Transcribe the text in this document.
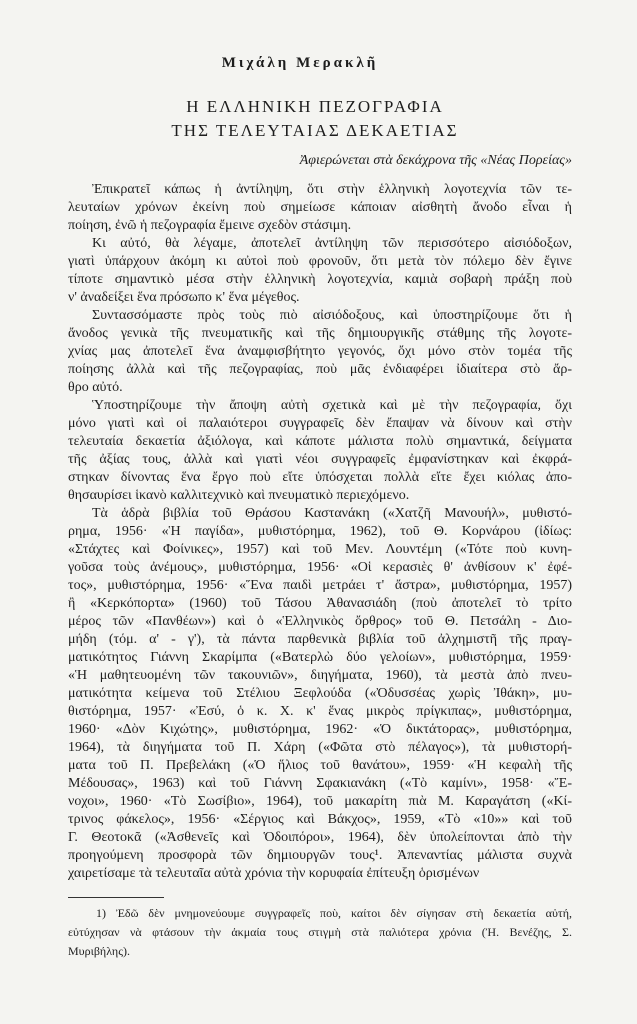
Μιχάλη Μερακλῆ
Η ΕΛΛΗΝΙΚΗ ΠΕΖΟΓΡΑΦΙΑ
ΤΗΣ ΤΕΛΕΥΤΑΙΑΣ ΔΕΚΑΕΤΙΑΣ
Ἀφιερώνεται στὰ δεκάχρονα τῆς «Νέας Πορείας»
Ἐπικρατεῖ κάπως ἡ ἀντίληψη, ὅτι στὴν ἑλληνικὴ λογοτεχνία τῶν τε-
λευταίων χρόνων ἐκείνη ποὺ σημείωσε κάποιαν αἰσθητὴ ἄνοδο εἶναι ἡ
ποίηση, ἐνῶ ἡ πεζογραφία ἔμεινε σχεδὸν στάσιμη.
Κι αὐτό, θὰ λέγαμε, ἀποτελεῖ ἀντίληψη τῶν περισσότερο αἰσιόδοξων,
γιατὶ ὑπάρχουν ἀκόμη κι αὐτοὶ ποὺ φρονοῦν, ὅτι μετὰ τὸν πόλεμο δὲν ἔγινε
τίποτε σημαντικὸ μέσα στὴν ἑλληνικὴ λογοτεχνία, καμιὰ σοβαρὴ πράξη ποὺ
ν' ἀναδείξει ἕνα πρόσωπο κ' ἕνα μέγεθος.
Συντασσόμαστε πρὸς τοὺς πιὸ αἰσιόδοξους, καὶ ὑποστηρίζουμε ὅτι ἡ
ἄνοδος γενικὰ τῆς πνευματικῆς καὶ τῆς δημιουργικῆς στάθμης τῆς λογοτε-
χνίας μας ἀποτελεῖ ἕνα ἀναμφισβήτητο γεγονός, ὄχι μόνο στὸν τομέα τῆς
ποίησης ἀλλὰ καὶ τῆς πεζογραφίας, ποὺ μᾶς ἐνδιαφέρει ἰδιαίτερα στὸ ἄρ-
θρο αὐτό.
Ὑποστηρίζουμε τὴν ἄποψη αὐτὴ σχετικὰ καὶ μὲ τὴν πεζογραφία, ὄχι
μόνο γιατὶ καὶ οἱ παλαιότεροι συγγραφεῖς δὲν ἔπαψαν νὰ δίνουν καὶ στὴν
τελευταία δεκαετία ἀξιόλογα, καὶ κάποτε μάλιστα πολὺ σημαντικά, δείγματα
τῆς ἀξίας τους, ἀλλὰ καὶ γιατὶ νέοι συγγραφεῖς ἐμφανίστηκαν καὶ ἐκφρά-
στηκαν δίνοντας ἕνα ἔργο ποὺ εἴτε ὑπόσχεται πολλὰ εἴτε ἔχει κιόλας ἀπο-
θησαυρίσει ἱκανὸ καλλιτεχνικὸ καὶ πνευματικὸ περιεχόμενο.
Τὰ ἁδρὰ βιβλία τοῦ Θράσου Καστανάκη («Χατζῆ Μανουήλ», μυθιστό-
ρημα, 1956· «Ἡ παγίδα», μυθιστόρημα, 1962), τοῦ Θ. Κορνάρου (ἰδίως:
«Στάχτες καὶ Φοίνικες», 1957) καὶ τοῦ Μεν. Λουντέμη («Τότε ποὺ κυνη-
γοῦσα τοὺς ἀνέμους», μυθιστόρημα, 1956· «Οἱ κερασιὲς θ' ἀνθίσουν κ' ἐφέ-
τος», μυθιστόρημα, 1956· «Ἕνα παιδὶ μετράει τ' ἄστρα», μυθιστόρημα, 1957)
ἢ «Κερκόπορτα» (1960) τοῦ Τάσου Ἀθανασιάδη (ποὺ ἀποτελεῖ τὸ τρίτο
μέρος τῶν «Πανθέων») καὶ ὁ «Ἑλληνικὸς ὄρθρος» τοῦ Θ. Πετσάλη - Διο-
μήδη (τόμ. α' - γ'), τὰ πάντα παρθενικὰ βιβλία τοῦ ἀλχημιστῆ τῆς πραγ-
ματικότητος Γιάννη Σκαρίμπα («Βατερλὼ δύο γελοίων», μυθιστόρημα, 1959·
«Ἡ μαθητευομένη τῶν τακουνιῶν», διηγήματα, 1960), τὰ μεστὰ ἀπὸ πνευ-
ματικότητα κείμενα τοῦ Στέλιου Ξεφλούδα («Ὀδυσσέας χωρὶς Ἰθάκη», μυ-
θιστόρημα, 1957· «Ἐσύ, ὁ κ. Χ. κ' ἕνας μικρὸς πρίγκιπας», μυθιστόρημα,
1960· «Δὸν Κιχώτης», μυθιστόρημα, 1962· «Ὁ δικτάτορας», μυθιστόρημα,
1964), τὰ διηγήματα τοῦ Π. Χάρη («Φῶτα στὸ πέλαγος»), τὰ μυθιστορή-
ματα τοῦ Π. Πρεβελάκη («Ὁ ἥλιος τοῦ θανάτου», 1959· «Ἡ κεφαλὴ τῆς
Μέδουσας», 1963) καὶ τοῦ Γιάννη Σφακιανάκη («Τὸ καμίνι», 1958· «Ἔ-
νοχοι», 1960· «Τὸ Σωσίβιο», 1964), τοῦ μακαρίτη πιὰ Μ. Καραγάτση («Κί-
τρινος φάκελος», 1956· «Σέργιος καὶ Βάκχος», 1959, «Τὸ «10»» καὶ τοῦ
Γ. Θεοτοκᾶ («Ἀσθενεῖς καὶ Ὁδοιπόροι», 1964), δὲν ὑπολείπονται ἀπὸ τὴν
προηγούμενη προσφορὰ τῶν δημιουργῶν τους¹. Ἀπεναντίας μάλιστα συχνὰ
χαιρετίσαμε τὰ τελευταῖα αὐτὰ χρόνια τὴν κορυφαία ἐπίτευξη ὁρισμένων
1) Ἐδῶ δὲν μνημονεύουμε συγγραφεῖς ποὺ, καίτοι δὲν σίγησαν στὴ δεκαετία αὐτή,
εὐτύχησαν νὰ φτάσουν τὴν ἀκμαία τους στιγμὴ στὰ παλιότερα χρόνια (Ἠ. Βενέζης, Σ.
Μυριβήλης).
